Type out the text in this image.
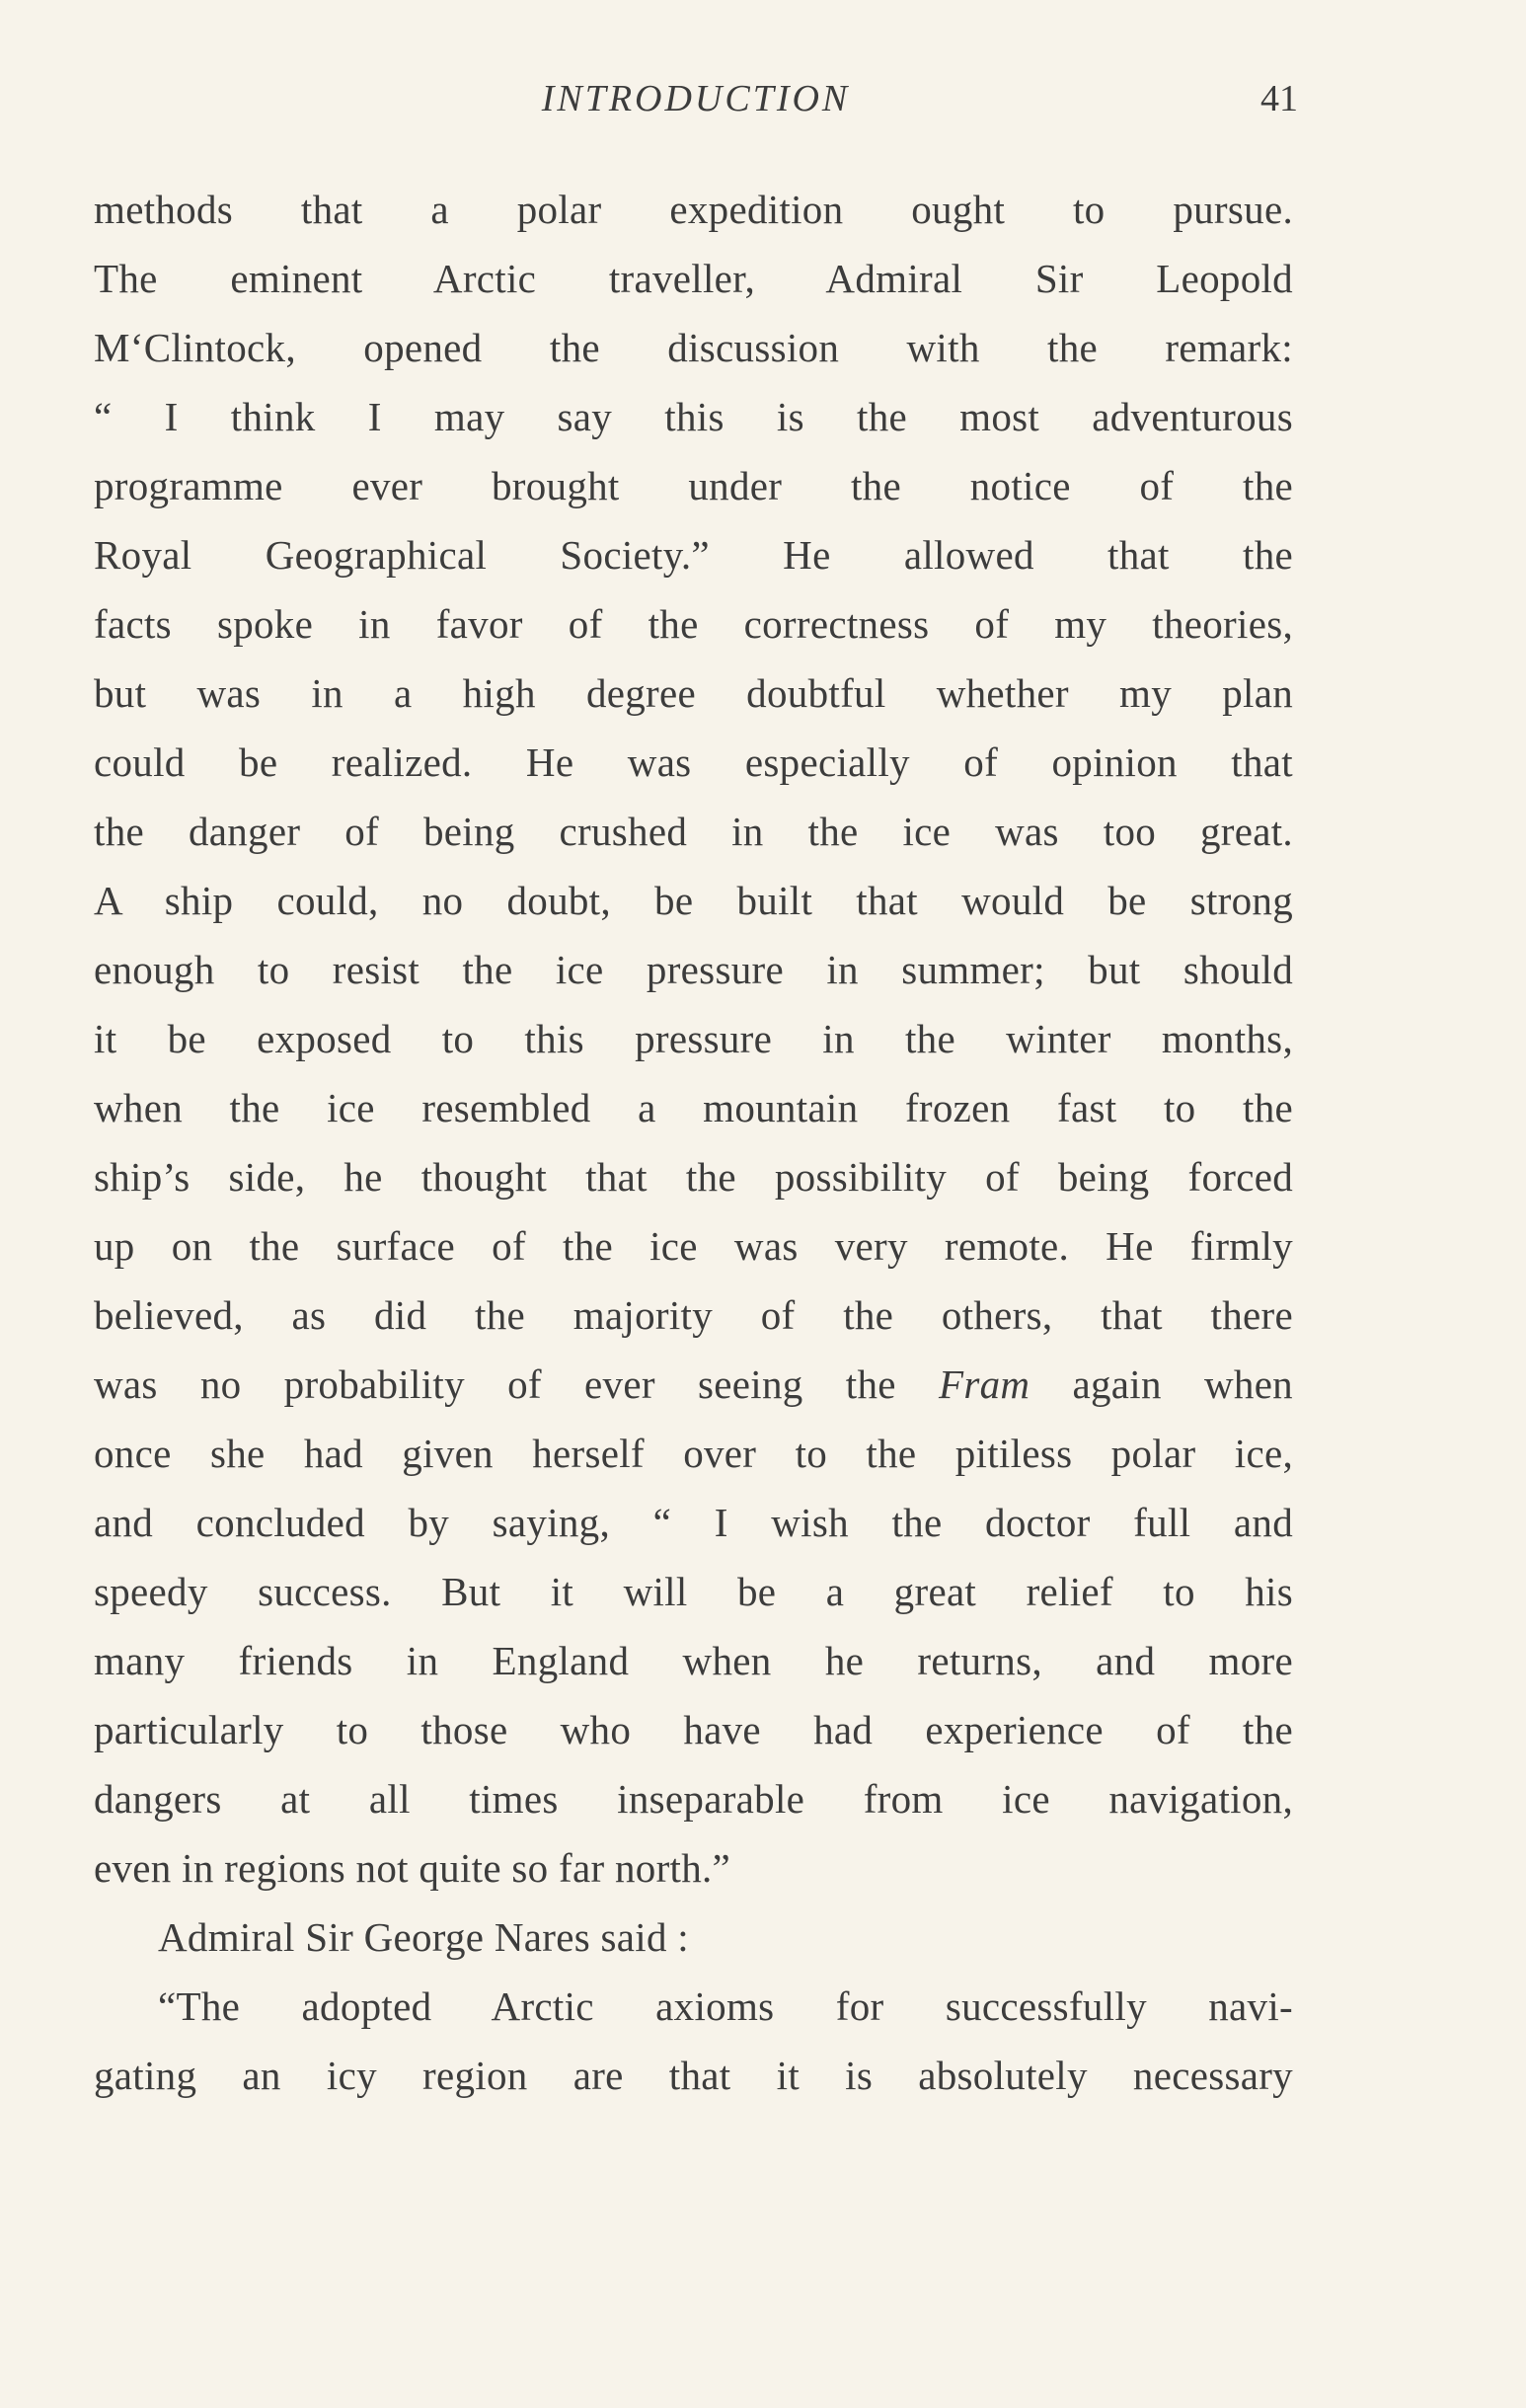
INTRODUCTION	41
methods that a polar expedition ought to pursue.
The eminent Arctic traveller, Admiral Sir Leopold
M‘Clintock, opened the discussion with the remark:
“ I think I may say this is the most adventurous
programme ever brought under the notice of the
Royal Geographical Society.” He allowed that the
facts spoke in favor of the correctness of my theories,
but was in a high degree doubtful whether my plan
could be realized. He was especially of opinion that
the danger of being crushed in the ice was too great.
A ship could, no doubt, be built that would be strong
enough to resist the ice pressure in summer; but should
it be exposed to this pressure in the winter months,
when the ice resembled a mountain frozen fast to the
ship’s side, he thought that the possibility of being forced
up on the surface of the ice was very remote. He firmly
believed, as did the majority of the others, that there
was no probability of ever seeing the Fram again when
once she had given herself over to the pitiless polar ice,
and concluded by saying, “ I wish the doctor full and
speedy success. But it will be a great relief to his
many friends in England when he returns, and more
particularly to those who have had experience of the
dangers at all times inseparable from ice navigation,
even in regions not quite so far north.”
Admiral Sir George Nares said :
“The adopted Arctic axioms for successfully navi-
gating an icy region are that it is absolutely necessary
